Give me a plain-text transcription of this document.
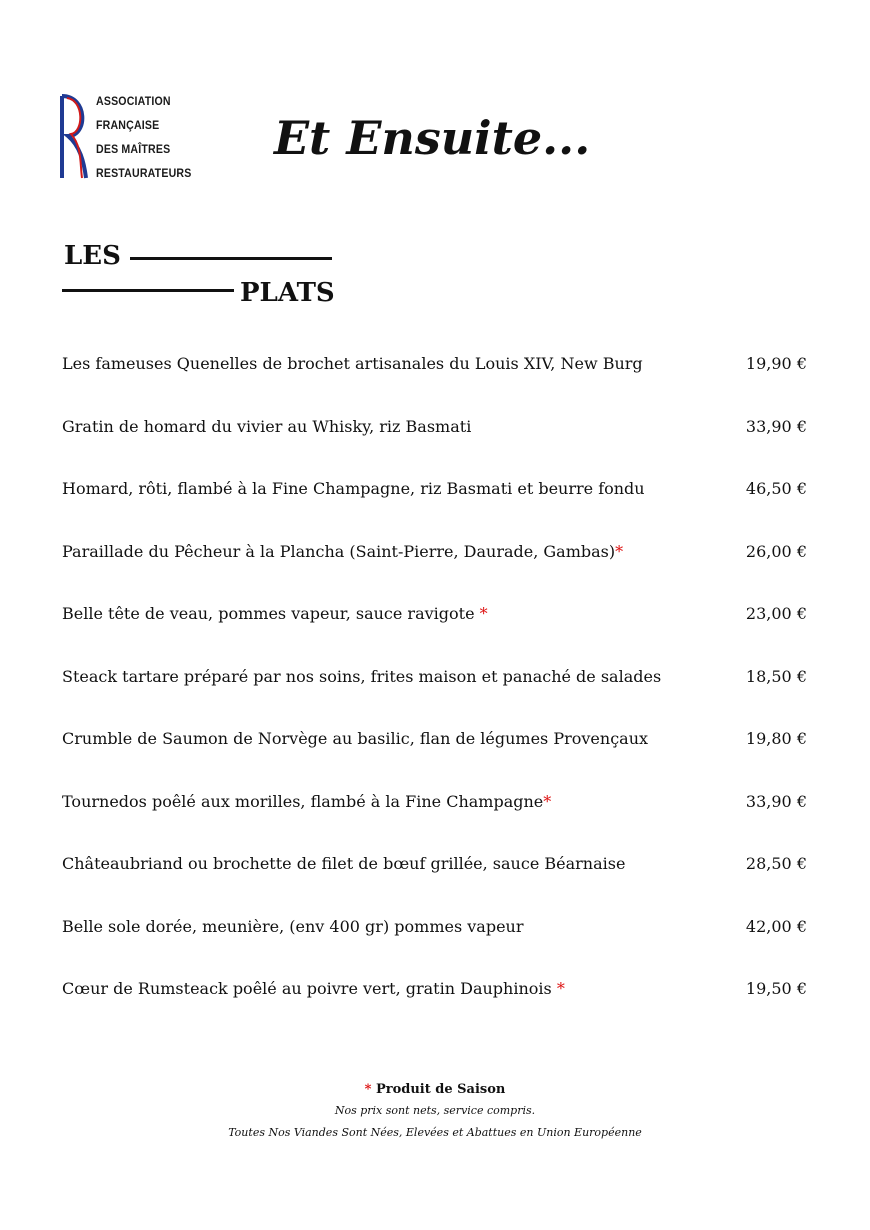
ASSOCIATION
FRANÇAISE
DES MAÎTRES
RESTAURATEURS
Et Ensuite...
LES
PLATS
Les fameuses Quenelles de brochet artisanales du Louis XIV, New Burg	19,90 €
Gratin de homard du vivier au Whisky, riz Basmati	33,90 €
Homard, rôti, flambé à la Fine Champagne, riz Basmati et beurre fondu	46,50 €
Paraillade du Pêcheur à la Plancha (Saint-Pierre, Daurade, Gambas)*	26,00 €
Belle tête de veau, pommes vapeur, sauce ravigote *	23,00 €
Steack tartare préparé par nos soins, frites maison et panaché de salades	18,50 €
Crumble de Saumon de Norvège au basilic, flan de légumes Provençaux	19,80 €
Tournedos poêlé aux morilles, flambé à la Fine Champagne*	33,90 €
Châteaubriand ou brochette de filet de bœuf grillée, sauce Béarnaise	28,50 €
Belle sole dorée, meunière, (env 400 gr) pommes vapeur	42,00 €
Cœur de Rumsteack poêlé au poivre vert, gratin Dauphinois *	19,50 €
* Produit de Saison
Nos prix sont nets, service compris.
Toutes Nos Viandes Sont Nées, Elevées et Abattues en Union Européenne
